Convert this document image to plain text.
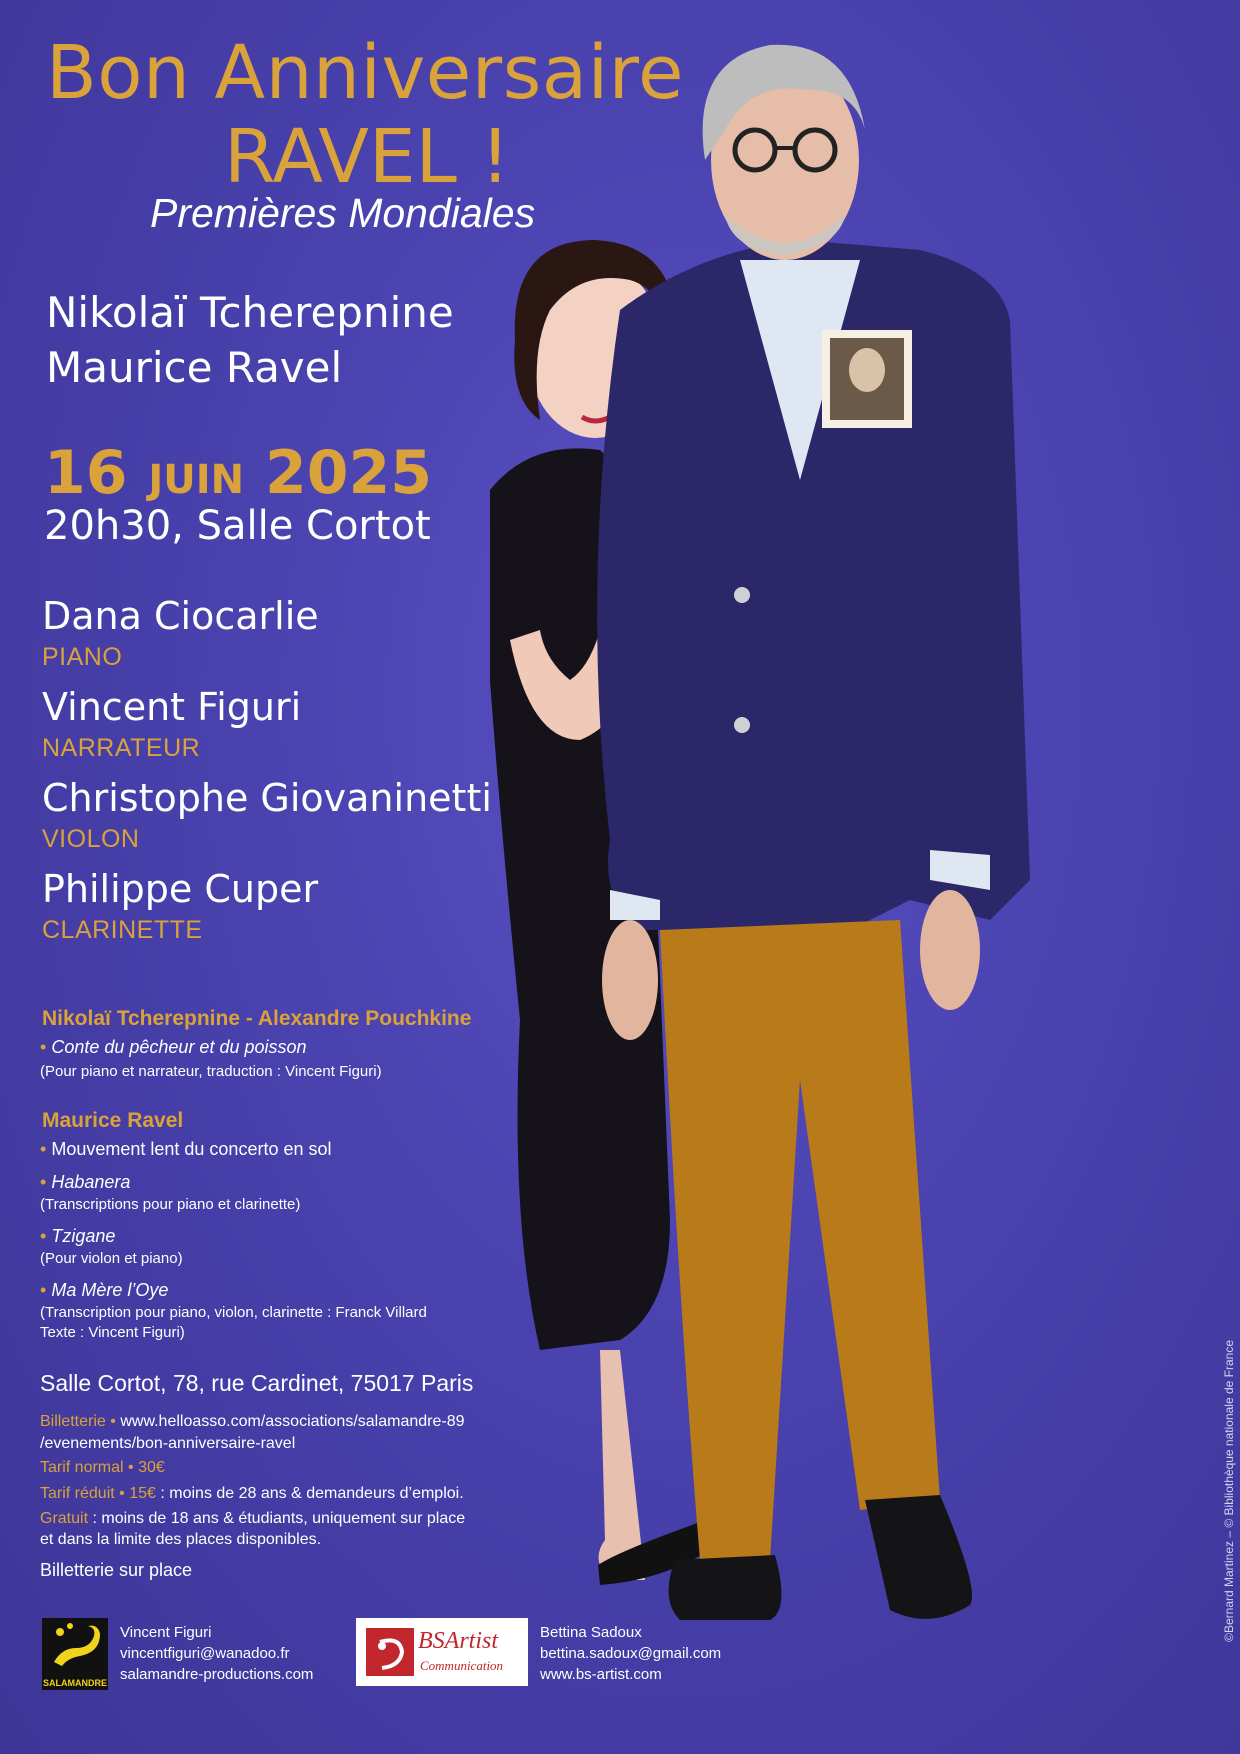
Bon Anniversaire
RAVEL !
Premières Mondiales
Nikolaï Tcherepnine
Maurice Ravel
16 JUIN 2025
20h30, Salle Cortot
Dana Ciocarlie
PIANO
Vincent Figuri
NARRATEUR
Christophe Giovaninetti
VIOLON
Philippe Cuper
CLARINETTE
Nikolaï Tcherepnine - Alexandre Pouchkine
• Conte du pêcheur et du poisson
(Pour piano et narrateur, traduction : Vincent Figuri)
Maurice Ravel
• Mouvement lent du concerto en sol
• Habanera
(Transcriptions pour piano et clarinette)
• Tzigane
(Pour violon et piano)
• Ma Mère l’Oye
(Transcription pour piano, violon, clarinette : Franck Villard
Texte : Vincent Figuri)
Salle Cortot, 78, rue Cardinet, 75017 Paris
Billetterie • www.helloasso.com/associations/salamandre-89
/evenements/bon-anniversaire-ravel
Tarif normal • 30€
Tarif réduit • 15€ : moins de 28 ans & demandeurs d’emploi.
Gratuit : moins de 18 ans & étudiants, uniquement sur place
et dans la limite des places disponibles.
Billetterie sur place
SALAMANDRE
Vincent Figuri
vincentfiguri@wanadoo.fr
salamandre-productions.com
BSArtist
Communication
Bettina Sadoux
bettina.sadoux@gmail.com
www.bs-artist.com
©Bernard Martinez – © Bibliothèque nationale de France
